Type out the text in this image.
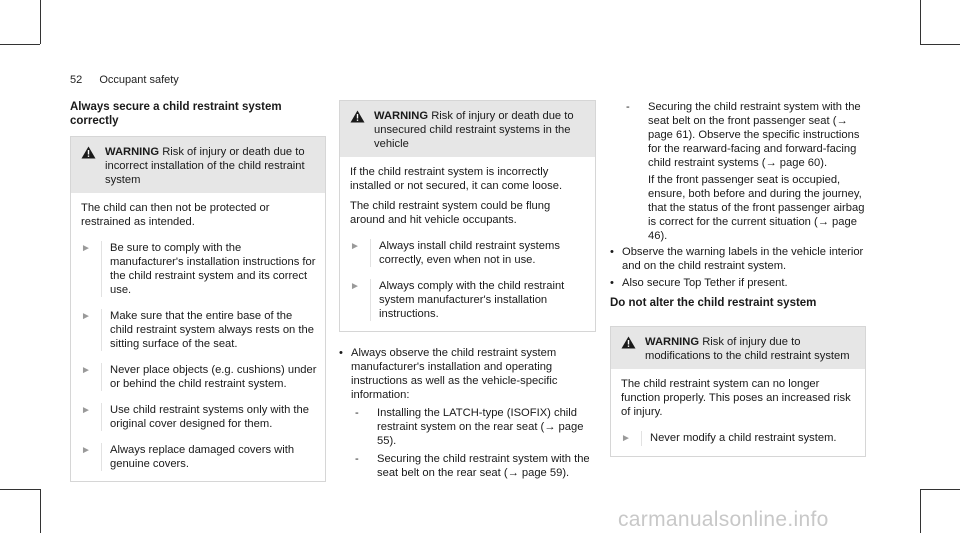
52 Occupant safety
Always secure a child restraint system correctly
WARNING Risk of injury or death due to incorrect installation of the child restraint system

The child can then not be protected or restrained as intended.

►	Be sure to comply with the manufacturer's installation instructions for the child restraint system and its correct use.
►	Make sure that the entire base of the child restraint system always rests on the sitting surface of the seat.
►	Never place objects (e.g. cushions) under or behind the child restraint system.
►	Use child restraint systems only with the original cover designed for them.
►	Always replace damaged covers with genuine covers.
WARNING Risk of injury or death due to unsecured child restraint systems in the vehicle

If the child restraint system is incorrectly installed or not secured, it can come loose.

The child restraint system could be flung around and hit vehicle occupants.

►	Always install child restraint systems correctly, even when not in use.
►	Always comply with the child restraint system manufacturer's installation instructions.
• Always observe the child restraint system manufacturer's installation and operating instructions as well as the vehicle-specific information:
-	Installing the LATCH-type (ISOFIX) child restraint system on the rear seat (→ page 55).
-	Securing the child restraint system with the seat belt on the rear seat (→ page 59).
-	Securing the child restraint system with the seat belt on the front passenger seat (→ page 61). Observe the specific instructions for the rearward-facing and forward-facing child restraint systems (→ page 60).
If the front passenger seat is occupied, ensure, both before and during the journey, that the status of the front passenger airbag is correct for the current situation (→ page 46).
• Observe the warning labels in the vehicle interior and on the child restraint system.
• Also secure Top Tether if present.
Do not alter the child restraint system
WARNING Risk of injury due to modifications to the child restraint system

The child restraint system can no longer function properly. This poses an increased risk of injury.

►	Never modify a child restraint system.
carmanualsonline.info
